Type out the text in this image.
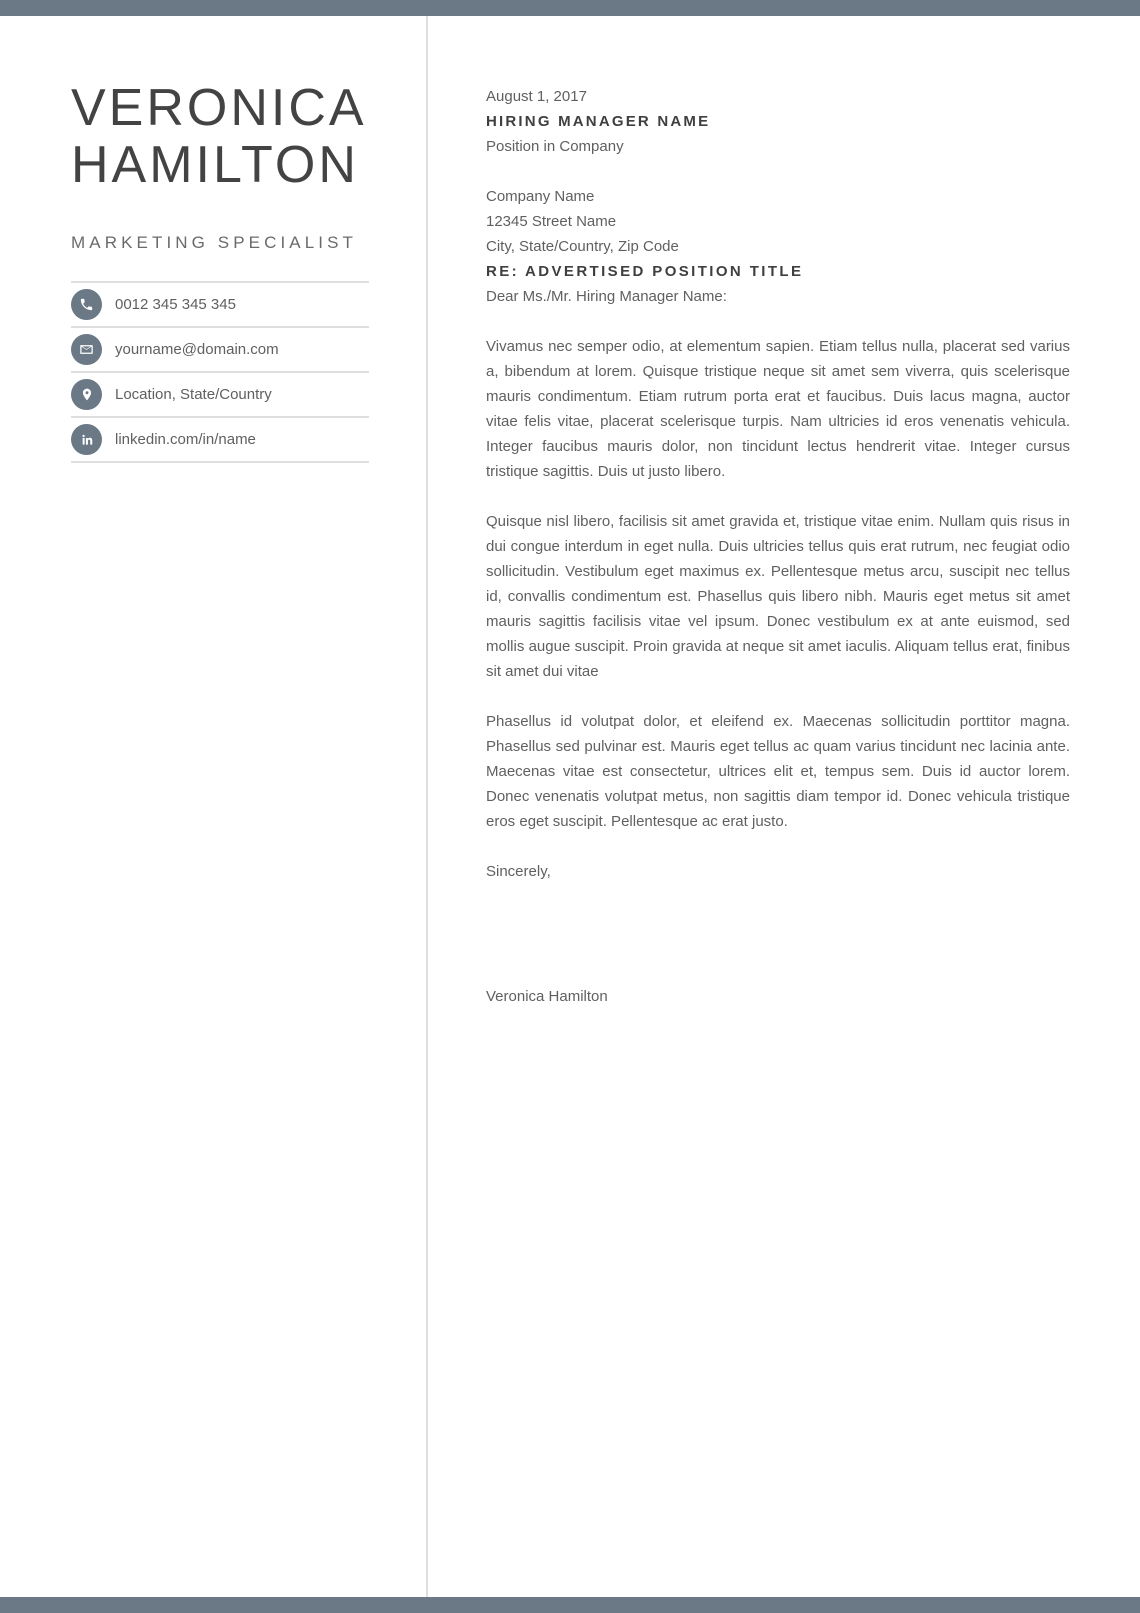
VERONICA
HAMILTON
MARKETING SPECIALIST
0012 345 345 345
yourname@domain.com
Location, State/Country
linkedin.com/in/name

August 1, 2017

HIRING MANAGER NAME

Position in Company

Company Name

12345 Street Name

City, State/Country, Zip Code

RE: ADVERTISED POSITION TITLE

Dear Ms./Mr. Hiring Manager Name:

Vivamus nec semper odio, at elementum sapien. Etiam tellus nulla, placerat sed varius a, bibendum at lorem. Quisque tristique neque sit amet sem viverra, quis scelerisque mauris condimentum. Etiam rutrum porta erat et faucibus. Duis lacus magna, auctor vitae felis vitae, placerat scelerisque turpis. Nam ultricies id eros venenatis vehicula. Integer faucibus mauris dolor, non tincidunt lectus hendrerit vitae. Integer cursus tristique sagittis. Duis ut justo libero.

Quisque nisl libero, facilisis sit amet gravida et, tristique vitae enim. Nullam quis risus in dui congue interdum in eget nulla. Duis ultricies tellus quis erat rutrum, nec feugiat odio sollicitudin. Vestibulum eget maximus ex. Pellentesque metus arcu, suscipit nec tellus id, convallis condimentum est. Phasellus quis libero nibh. Mauris eget metus sit amet mauris sagittis facilisis vitae vel ipsum. Donec vestibulum ex at ante euismod, sed mollis augue suscipit. Proin gravida at neque sit amet iaculis. Aliquam tellus erat, finibus sit amet dui vitae

Phasellus id volutpat dolor, et eleifend ex. Maecenas sollicitudin porttitor magna. Phasellus sed pulvinar est. Mauris eget tellus ac quam varius tincidunt nec lacinia ante. Maecenas vitae est consectetur, ultrices elit et, tempus sem. Duis id auctor lorem. Donec venenatis volutpat metus, non sagittis diam tempor id. Donec vehicula tristique eros eget suscipit. Pellentesque ac erat justo.

Sincerely,

Veronica Hamilton
